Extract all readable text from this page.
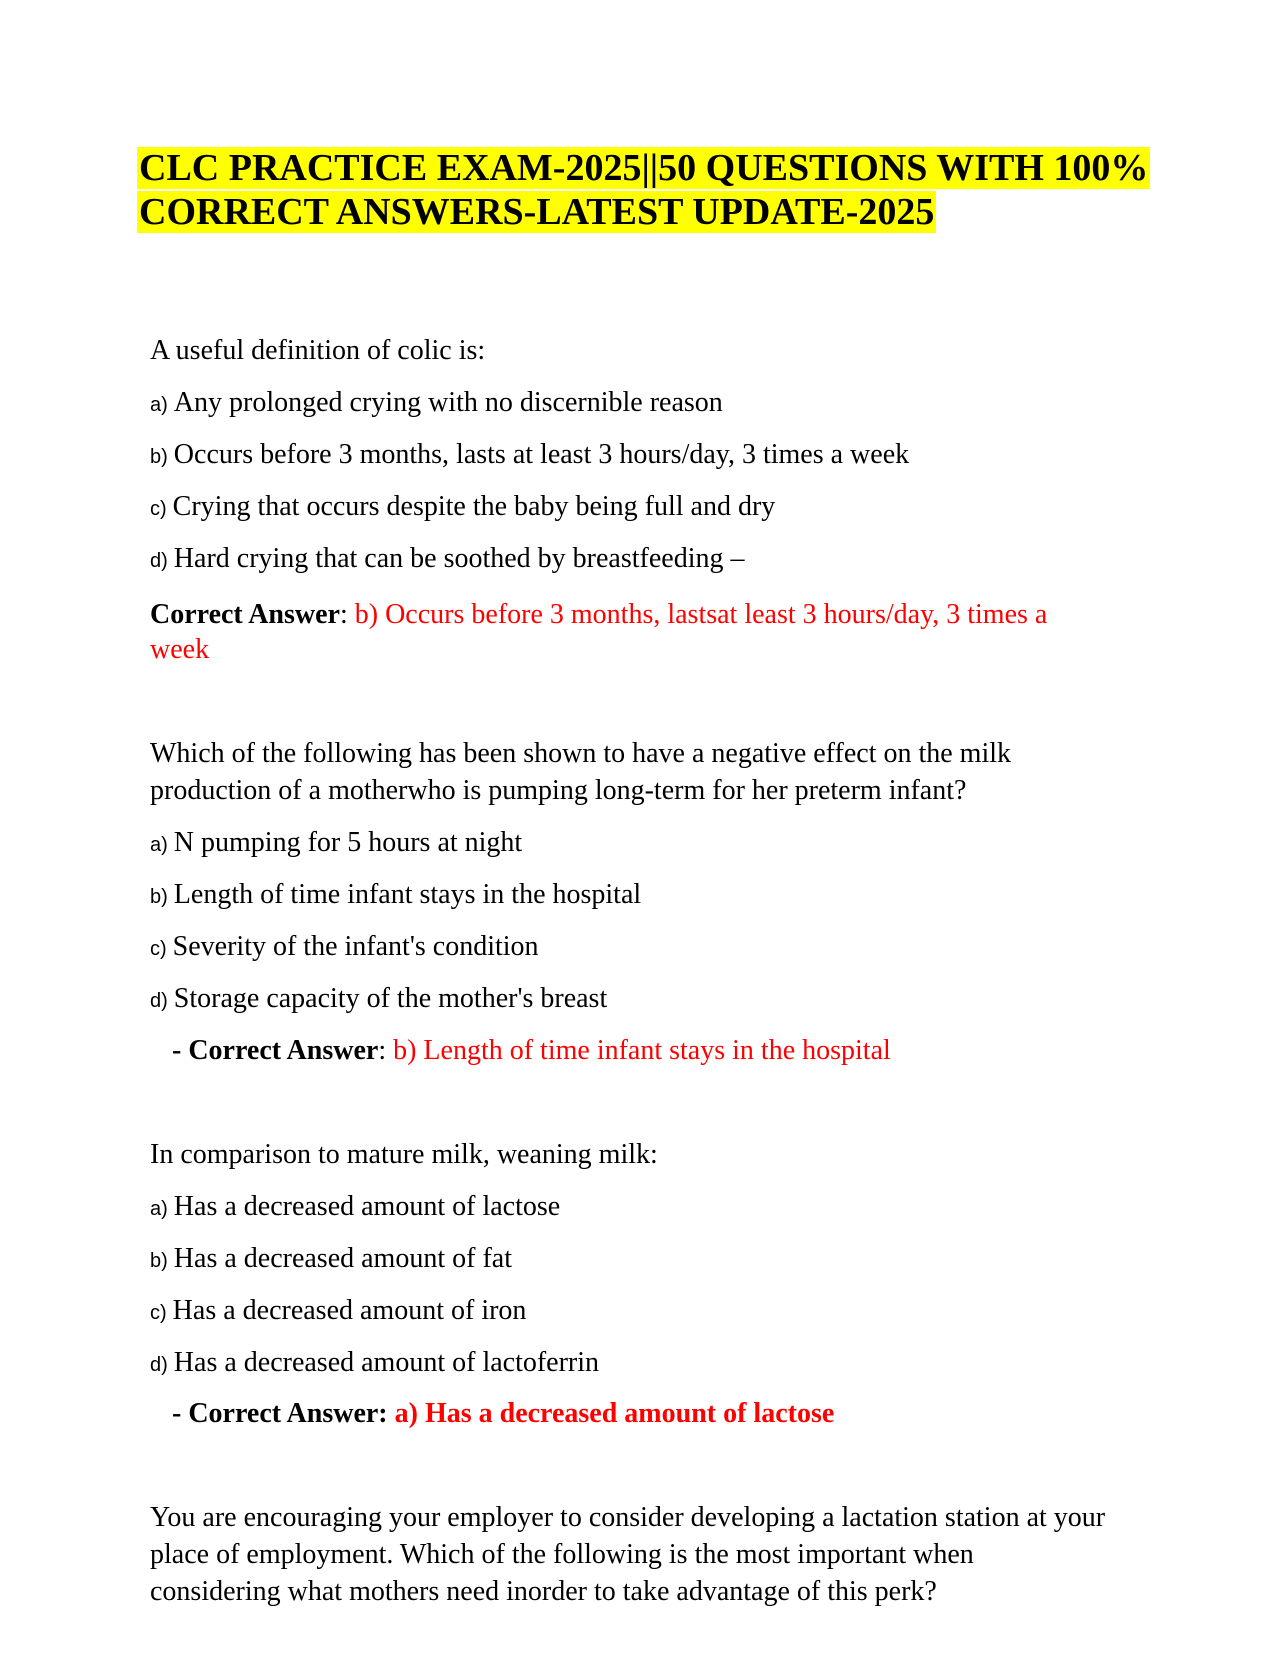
CLC PRACTICE EXAM-2025||50 QUESTIONS WITH 100%
CORRECT ANSWERS-LATEST UPDATE-2025

A useful definition of colic is:

a) Any prolonged crying with no discernible reason

b) Occurs before 3 months, lasts at least 3 hours/day, 3 times a week

c) Crying that occurs despite the baby being full and dry

d) Hard crying that can be soothed by breastfeeding –

Correct Answer: b) Occurs before 3 months, lastsat least 3 hours/day, 3 times a week

Which of the following has been shown to have a negative effect on the milk production of a motherwho is pumping long-term for her preterm infant?

a) N pumping for 5 hours at night

b) Length of time infant stays in the hospital

c) Severity of the infant's condition

d) Storage capacity of the mother's breast

- Correct Answer: b) Length of time infant stays in the hospital

In comparison to mature milk, weaning milk:

a) Has a decreased amount of lactose

b) Has a decreased amount of fat

c) Has a decreased amount of iron

d) Has a decreased amount of lactoferrin

- Correct Answer: a) Has a decreased amount of lactose

You are encouraging your employer to consider developing a lactation station at your place of employment. Which of the following is the most important when considering what mothers need inorder to take advantage of this perk?
